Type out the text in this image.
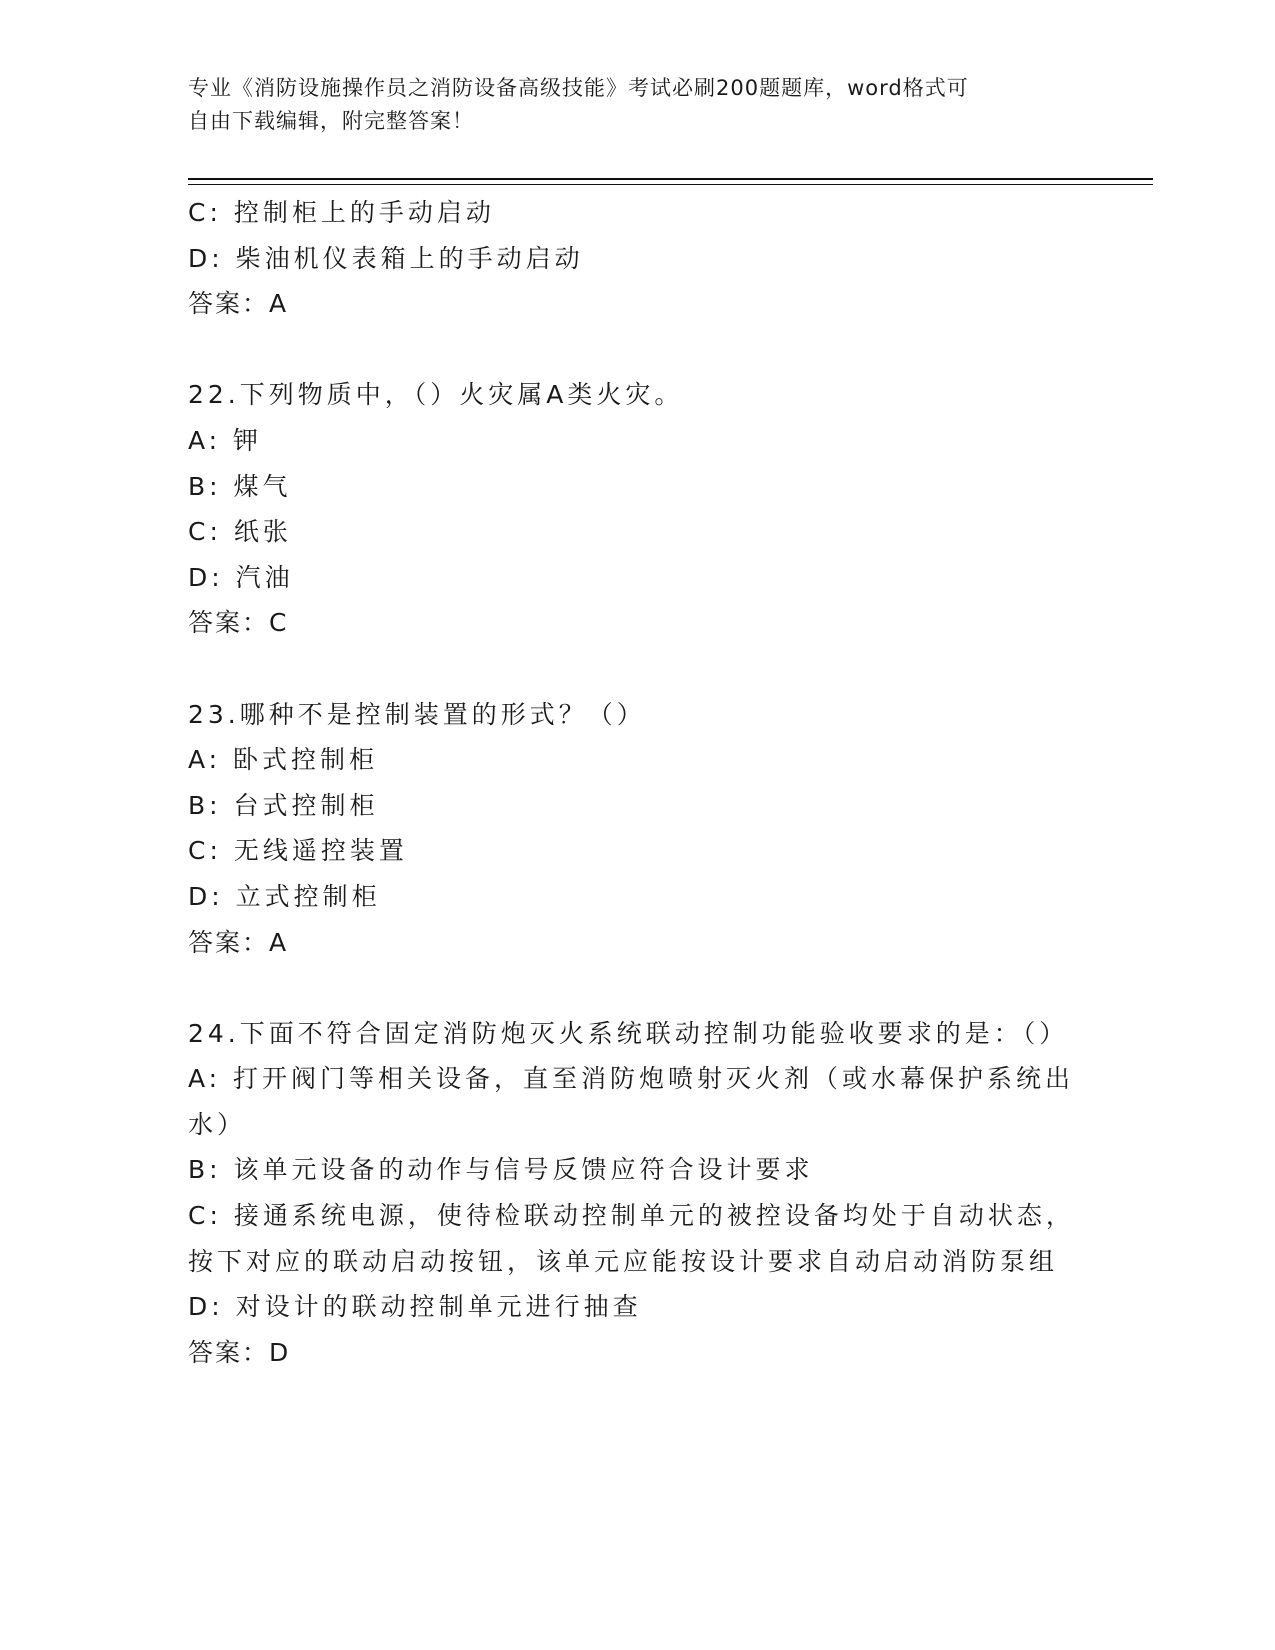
专业《消防设施操作员之消防设备高级技能》考试必刷200题题库，word格式可
自由下载编辑，附完整答案！
C: 控制柜上的手动启动
D: 柴油机仪表箱上的手动启动
答案：A
22.下列物质中，（）火灾属A类火灾。
A: 钾
B: 煤气
C: 纸张
D: 汽油
答案：C
23.哪种不是控制装置的形式？（）
A: 卧式控制柜
B: 台式控制柜
C: 无线遥控装置
D: 立式控制柜
答案：A
24.下面不符合固定消防炮灭火系统联动控制功能验收要求的是：（）
A: 打开阀门等相关设备，直至消防炮喷射灭火剂（或水幕保护系统出
水）
B: 该单元设备的动作与信号反馈应符合设计要求
C: 接通系统电源，使待检联动控制单元的被控设备均处于自动状态，
按下对应的联动启动按钮，该单元应能按设计要求自动启动消防泵组
D: 对设计的联动控制单元进行抽查
答案：D
